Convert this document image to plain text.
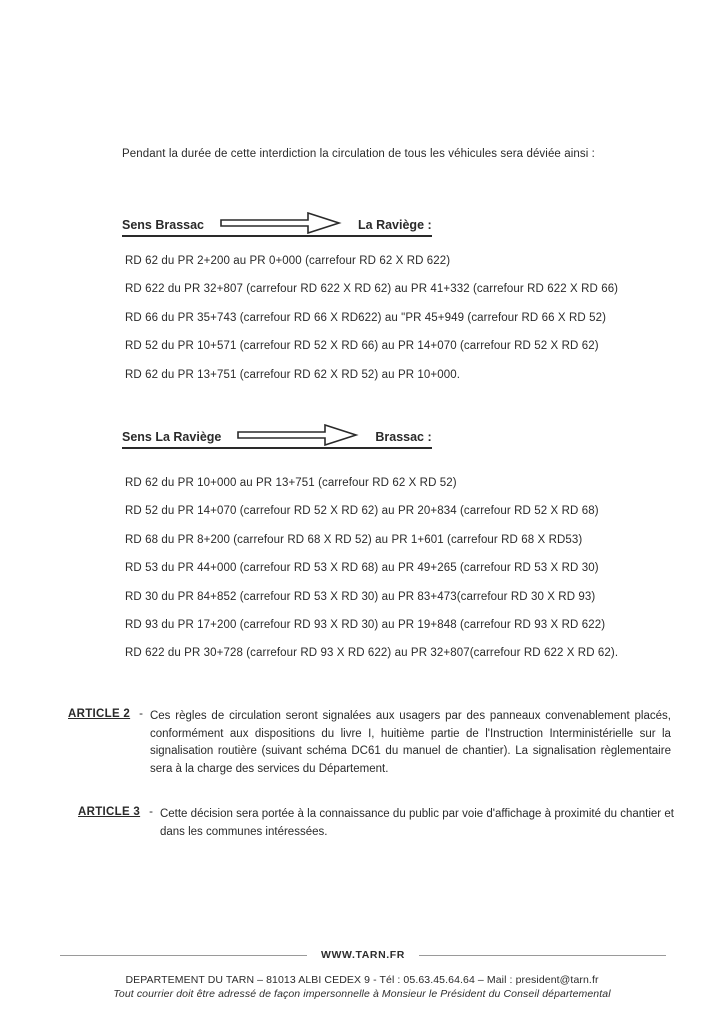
Pendant la durée de cette interdiction la circulation de tous les véhicules sera déviée ainsi :
Sens Brassac	La Raviège :
RD 62 du PR 2+200 au PR 0+000 (carrefour RD 62 X RD 622)
RD 622 du PR 32+807 (carrefour RD 622 X RD 62) au PR 41+332 (carrefour RD 622 X RD 66)
RD 66 du PR 35+743 (carrefour RD 66 X RD622) au "PR 45+949 (carrefour RD 66 X RD 52)
RD 52 du PR 10+571 (carrefour RD 52 X RD 66) au PR 14+070 (carrefour RD 52 X RD 62)
RD 62 du PR 13+751 (carrefour RD 62 X RD 52) au PR 10+000.
Sens La Raviège	Brassac :
RD 62 du PR 10+000 au PR 13+751 (carrefour RD 62 X RD 52)
RD 52 du PR 14+070 (carrefour RD 52 X RD 62) au PR 20+834 (carrefour RD 52 X RD 68)
RD 68 du PR 8+200 (carrefour RD 68 X RD 52) au PR 1+601 (carrefour RD 68 X RD53)
RD 53 du PR 44+000 (carrefour RD 53 X RD 68) au PR 49+265 (carrefour RD 53 X RD 30)
RD 30 du PR 84+852 (carrefour RD 53 X RD 30) au PR 83+473(carrefour RD 30 X RD 93)
RD 93 du PR 17+200 (carrefour RD 93 X RD 30) au PR 19+848 (carrefour RD 93 X RD 622)
RD 622 du PR 30+728 (carrefour RD 93 X RD 622) au PR 32+807(carrefour RD 622 X RD 62).
ARTICLE 2 - Ces règles de circulation seront signalées aux usagers par des panneaux convenablement placés, conformément aux dispositions du livre I, huitième partie de l'Instruction Interministérielle sur la signalisation routière (suivant schéma DC61 du manuel de chantier). La signalisation règlementaire sera à la charge des services du Département.
ARTICLE 3 - Cette décision sera portée à la connaissance du public par voie d'affichage à proximité du chantier et dans les communes intéressées.
WWW.TARN.FR
DEPARTEMENT DU TARN – 81013 ALBI CEDEX 9 - Tél : 05.63.45.64.64 – Mail : president@tarn.fr
Tout courrier doit être adressé de façon impersonnelle à Monsieur le Président du Conseil départemental
